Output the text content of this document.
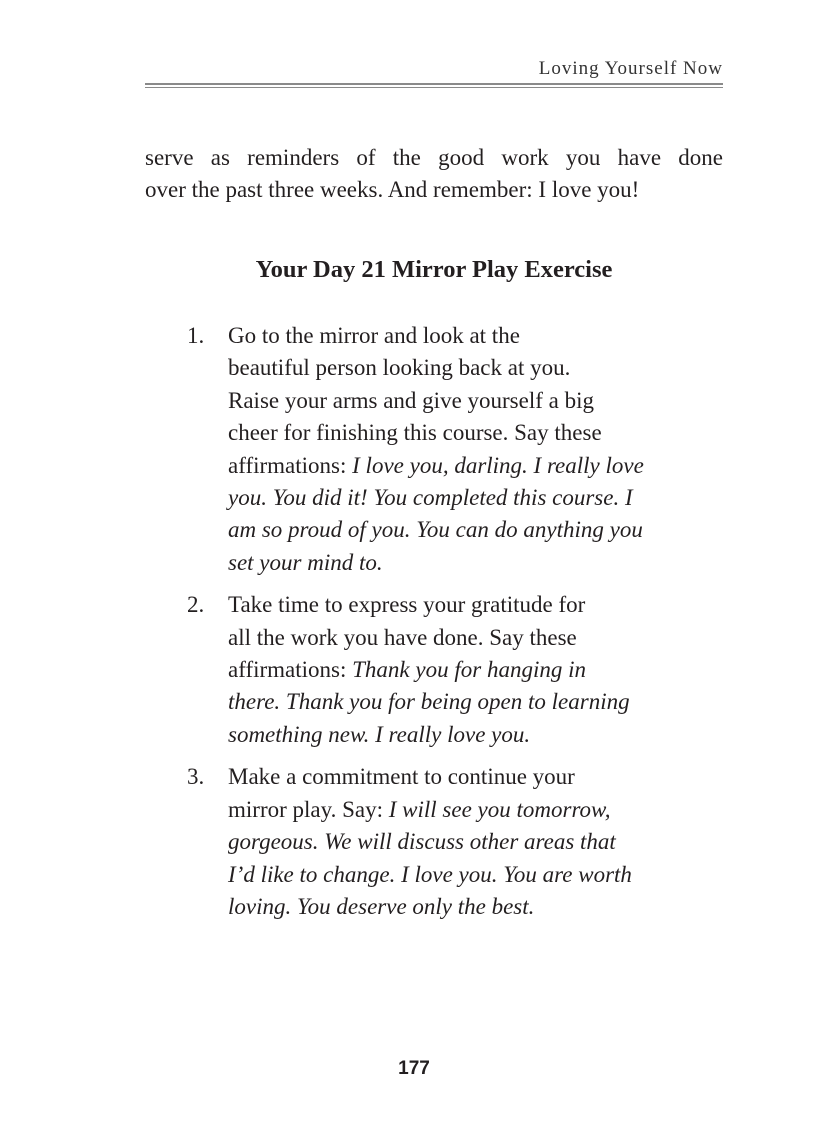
Loving Yourself Now
serve as reminders of the good work you have done
over the past three weeks. And remember: I love you!
Your Day 21 Mirror Play Exercise
1. Go to the mirror and look at the
beautiful person looking back at you.
Raise your arms and give yourself a big
cheer for finishing this course. Say these
affirmations: I love you, darling. I really love
you. You did it! You completed this course. I
am so proud of you. You can do anything you
set your mind to.
2. Take time to express your gratitude for
all the work you have done. Say these
affirmations: Thank you for hanging in
there. Thank you for being open to learning
something new. I really love you.
3. Make a commitment to continue your
mirror play. Say: I will see you tomorrow,
gorgeous. We will discuss other areas that
I’d like to change. I love you. You are worth
loving. You deserve only the best.
177
